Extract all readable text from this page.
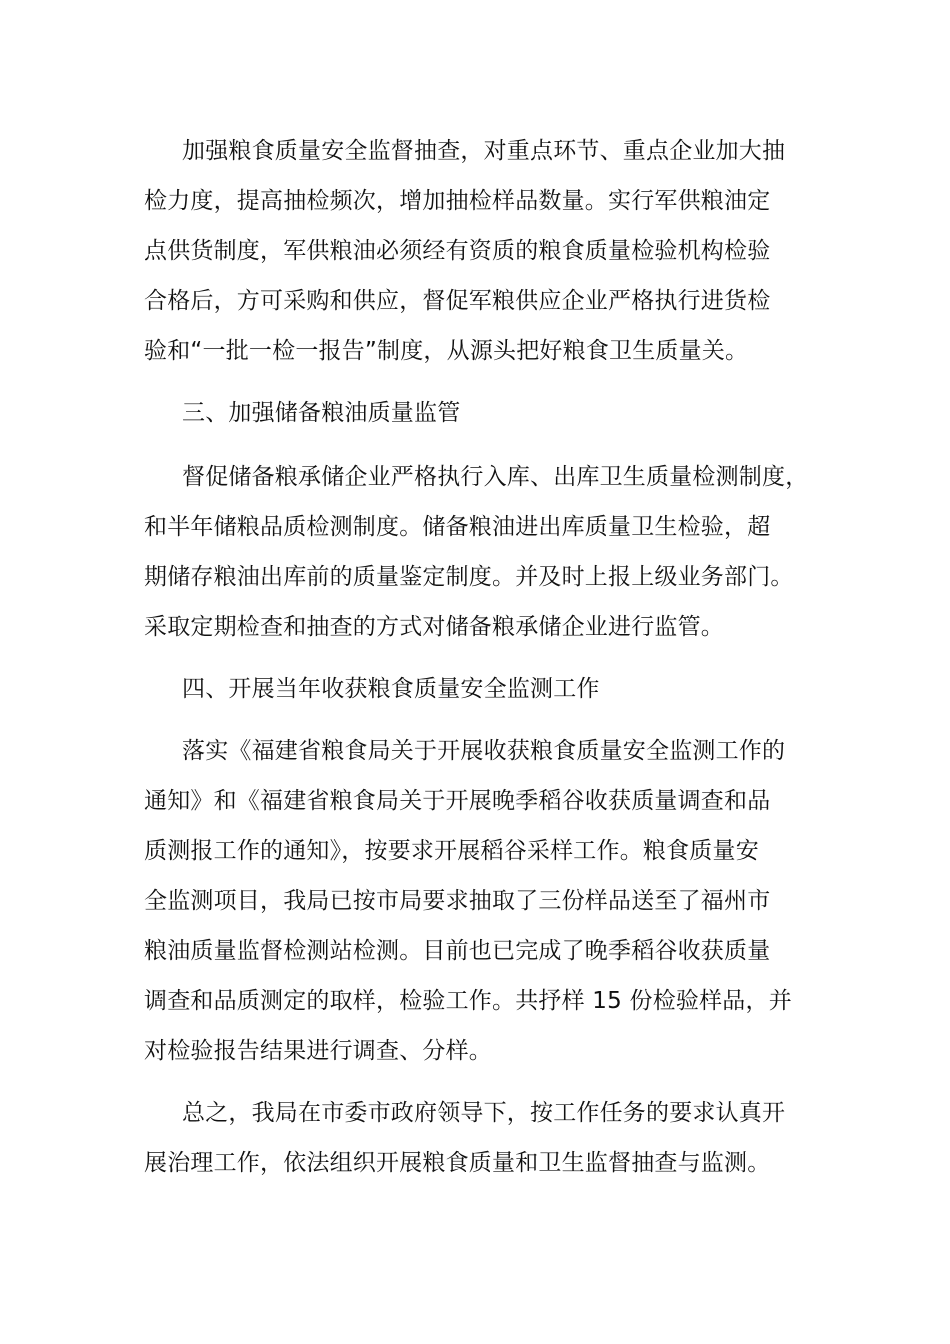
加强粮食质量安全监督抽查，对重点环节、重点企业加大抽
检力度，提高抽检频次，增加抽检样品数量。实行军供粮油定
点供货制度，军供粮油必须经有资质的粮食质量检验机构检验
合格后，方可采购和供应，督促军粮供应企业严格执行进货检
验和“一批一检一报告”制度，从源头把好粮食卫生质量关。
三、加强储备粮油质量监管
督促储备粮承储企业严格执行入库、出库卫生质量检测制度，
和半年储粮品质检测制度。储备粮油进出库质量卫生检验，超
期储存粮油出库前的质量鉴定制度。并及时上报上级业务部门。
采取定期检查和抽查的方式对储备粮承储企业进行监管。
四、开展当年收获粮食质量安全监测工作
落实《福建省粮食局关于开展收获粮食质量安全监测工作的
通知》和《福建省粮食局关于开展晚季稻谷收获质量调查和品
质测报工作的通知》，按要求开展稻谷采样工作。粮食质量安
全监测项目，我局已按市局要求抽取了三份样品送至了福州市
粮油质量监督检测站检测。目前也已完成了晚季稻谷收获质量
调查和品质测定的取样，检验工作。共抒样 15 份检验样品，并
对检验报告结果进行调查、分样。
总之，我局在市委市政府领导下，按工作任务的要求认真开
展治理工作，依法组织开展粮食质量和卫生监督抽查与监测。
